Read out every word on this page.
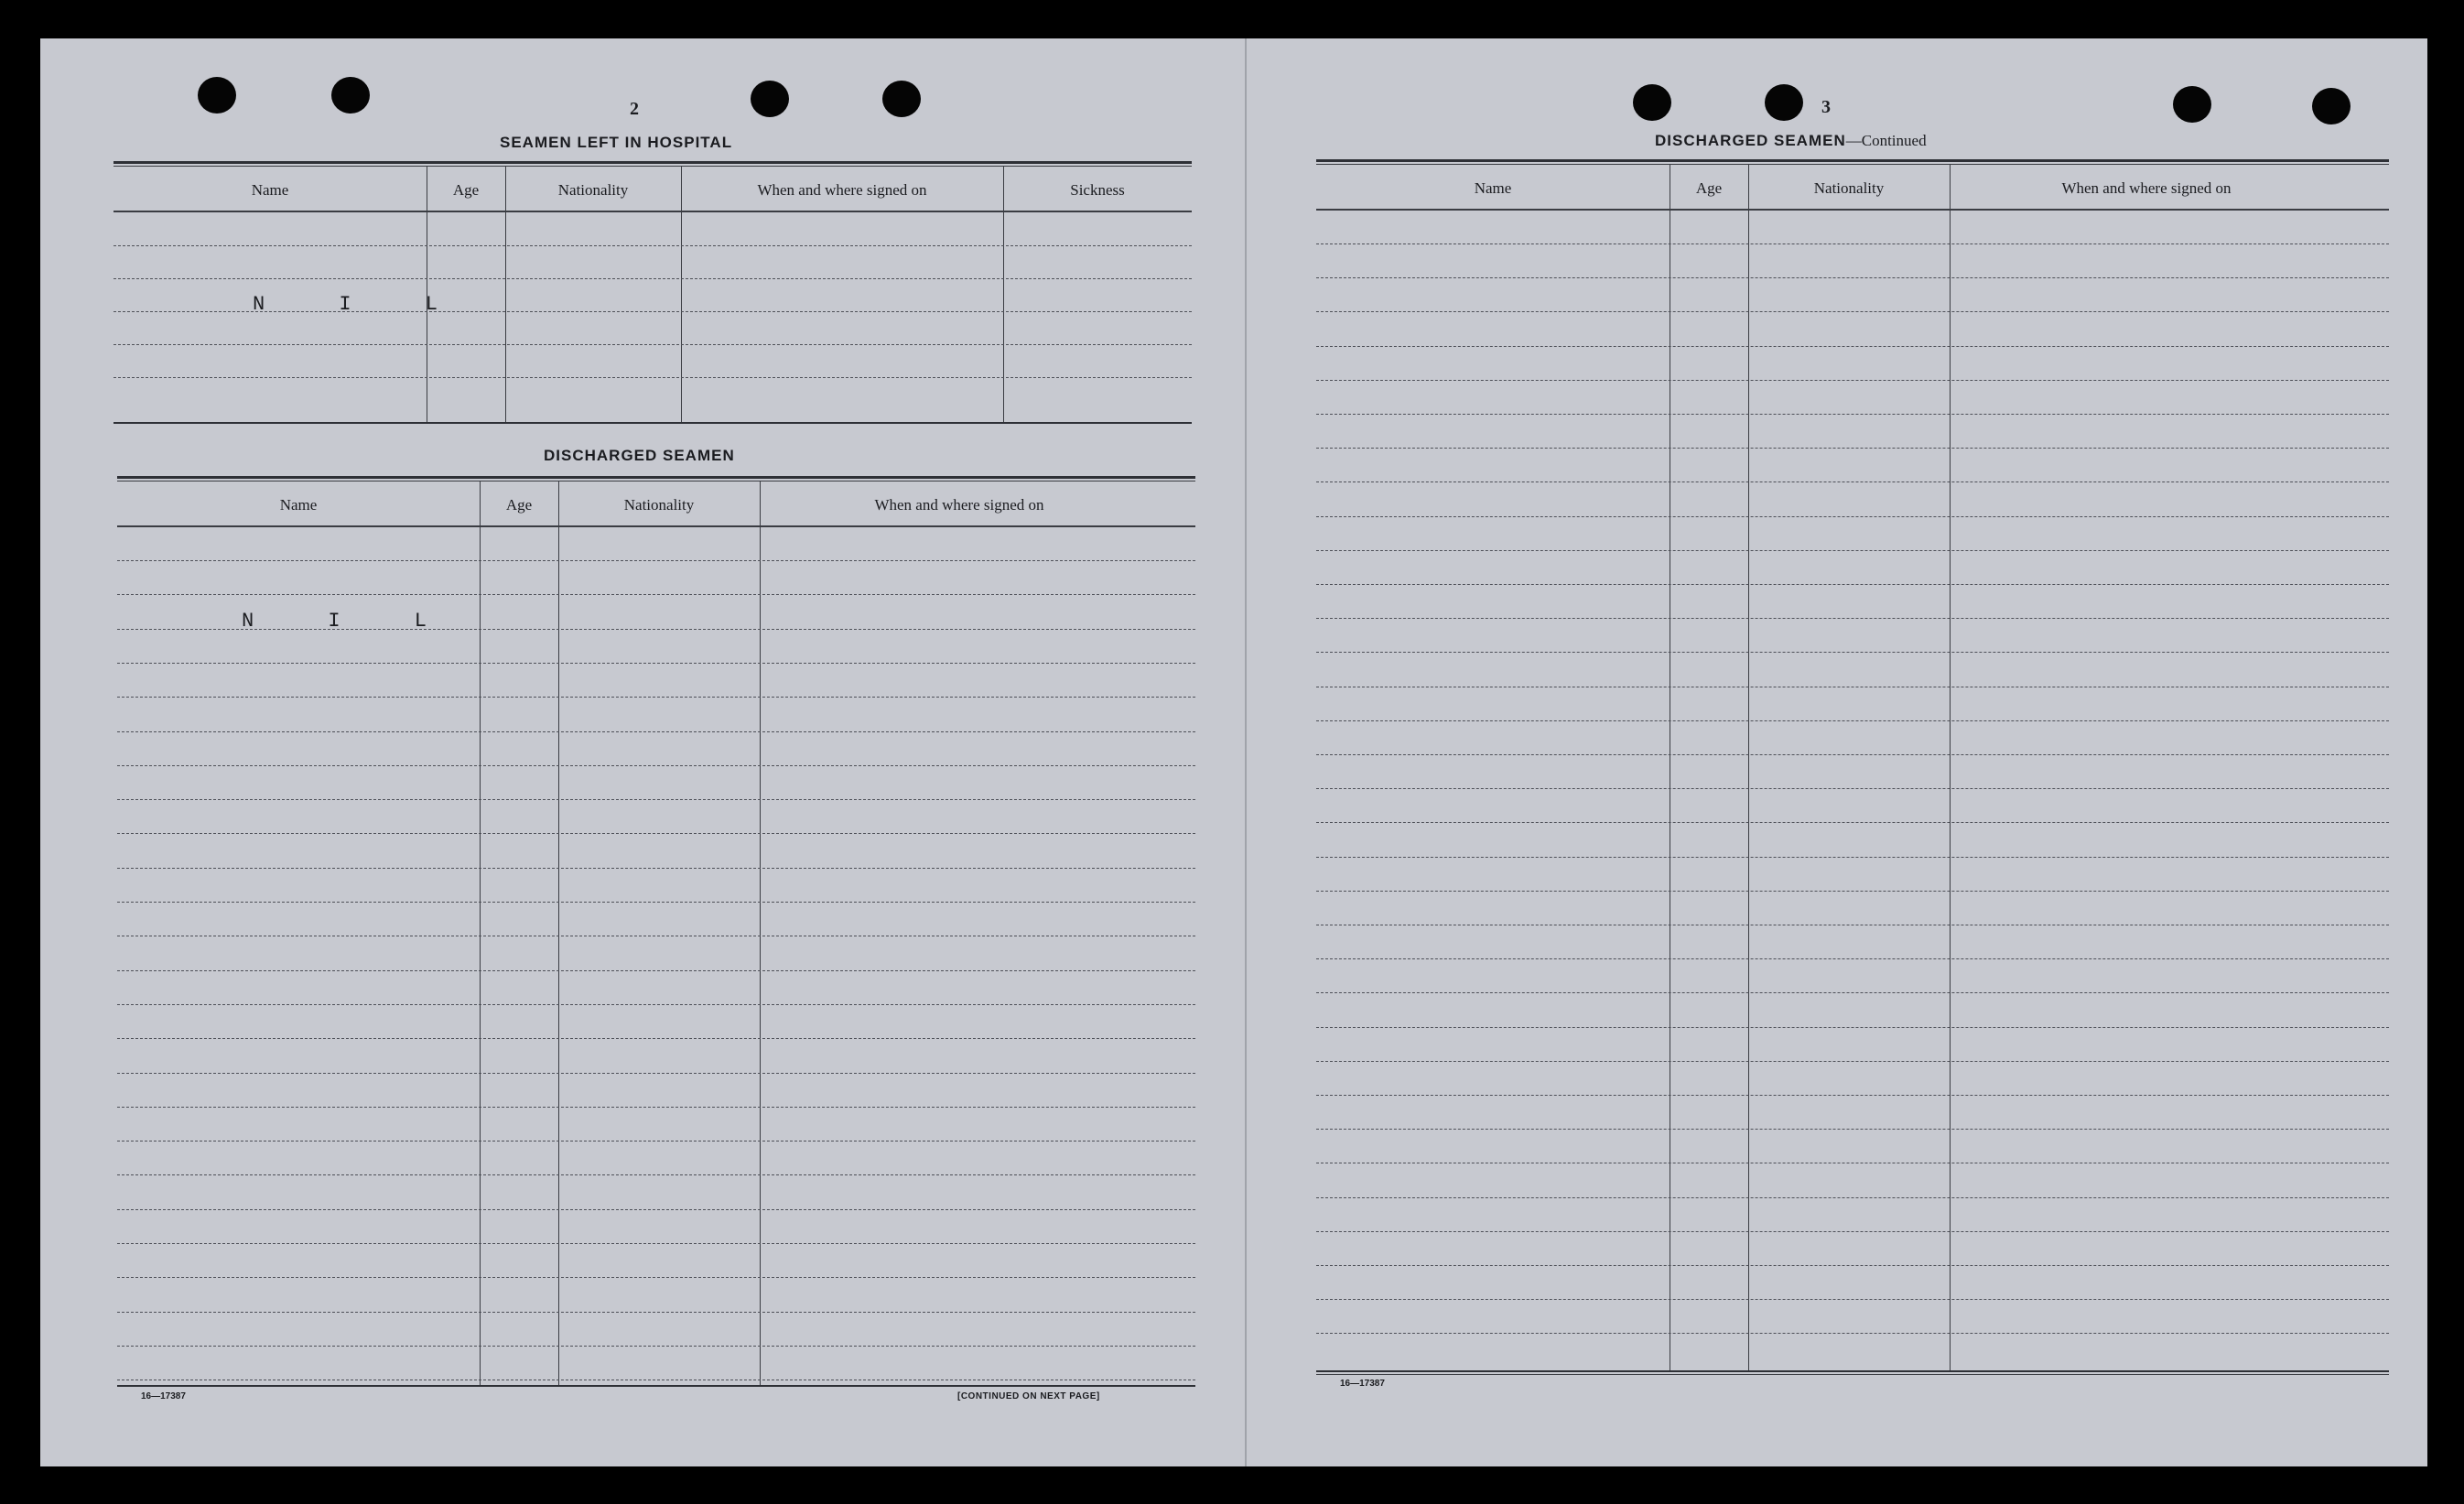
2
SEAMEN LEFT IN HOSPITAL
Name	Age	Nationality	When and where signed on	Sickness
N I L
DISCHARGED SEAMEN
Name	Age	Nationality	When and where signed on
N I L
16—17387	[CONTINUED ON NEXT PAGE]
3
DISCHARGED SEAMEN—Continued
Name	Age	Nationality	When and where signed on
16—17387
